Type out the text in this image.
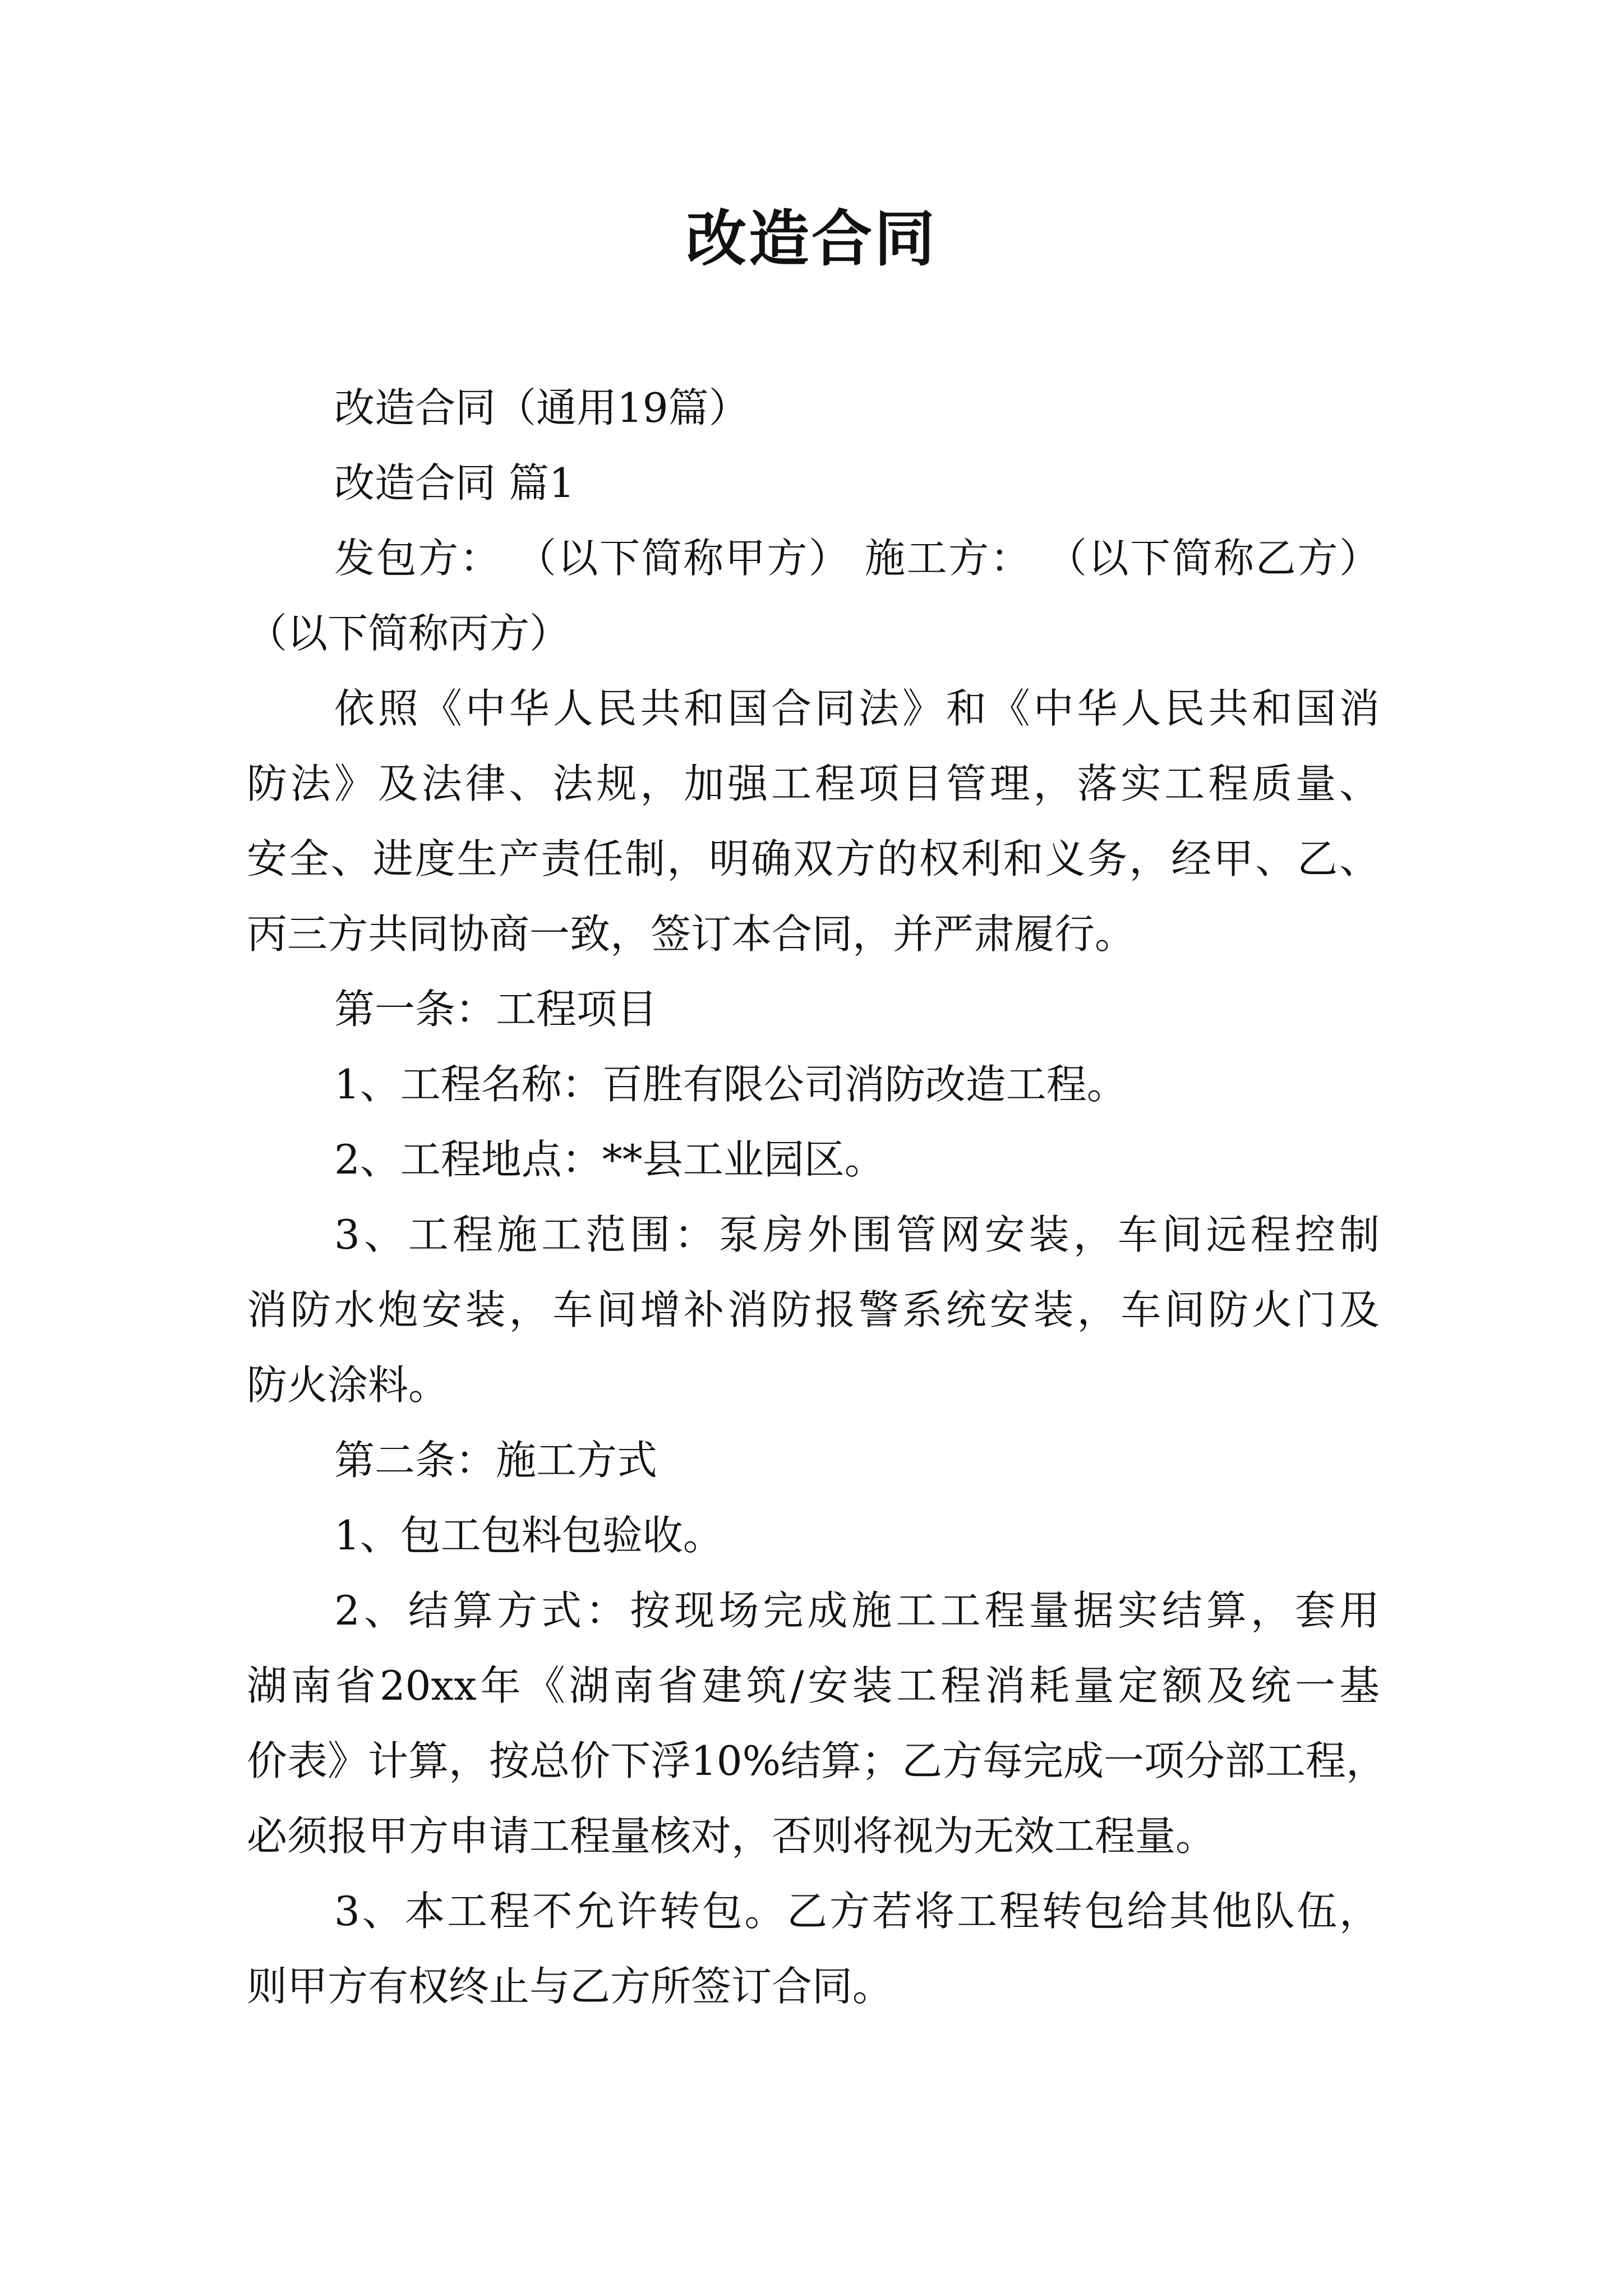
改造合同
改造合同（通用19篇）
改造合同 篇1
发包方： （以下简称甲方） 施工方： （以下简称乙方）
（以下简称丙方）
依照《中华人民共和国合同法》和《中华人民共和国消
防法》及法律、法规，加强工程项目管理，落实工程质量、
安全、进度生产责任制，明确双方的权利和义务，经甲、乙、
丙三方共同协商一致，签订本合同，并严肃履行。
第一条：工程项目
1、工程名称：百胜有限公司消防改造工程。
2、工程地点：**县工业园区。
3、工程施工范围：泵房外围管网安装，车间远程控制
消防水炮安装，车间增补消防报警系统安装，车间防火门及
防火涂料。
第二条：施工方式
1、包工包料包验收。
2、结算方式：按现场完成施工工程量据实结算，套用
湖南省20xx年《湖南省建筑/安装工程消耗量定额及统一基
价表》计算，按总价下浮10%结算；乙方每完成一项分部工程，
必须报甲方申请工程量核对，否则将视为无效工程量。
3、本工程不允许转包。乙方若将工程转包给其他队伍，
则甲方有权终止与乙方所签订合同。
